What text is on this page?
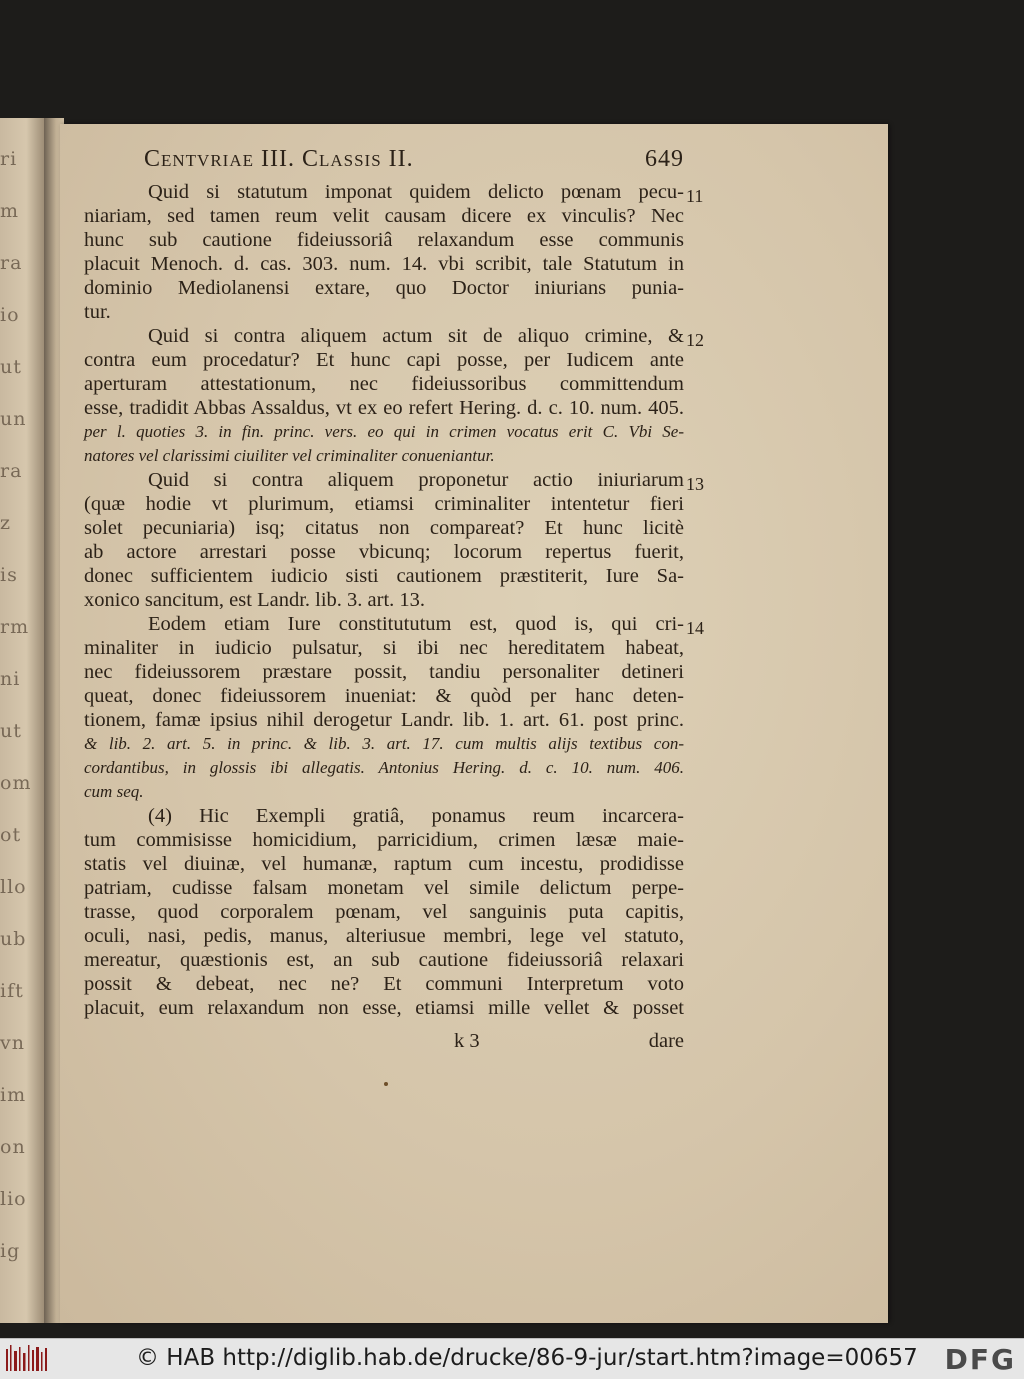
ri
m
ra
io
ut
un
ra
z
is
rm
ni
ut
om
ot
llo
ub
ift
vn
im
on
lio
ig
Centvriae III. Classis II.	649
Quid si statutum imponat quidem delicto pœnam pecu-
niariam, sed tamen reum velit causam dicere ex vinculis? Nec
hunc sub cautione fideiussoriâ relaxandum esse communis
placuit Menoch. d. cas. 303. num. 14. vbi scribit, tale Statutum in
dominio Mediolanensi extare, quo Doctor iniurians punia-
tur.
Quid si contra aliquem actum sit de aliquo crimine, &
contra eum procedatur? Et hunc capi posse, per Iudicem ante
aperturam attestationum, nec fideiussoribus committendum
esse, tradidit Abbas Assaldus, vt ex eo refert Hering. d. c. 10. num. 405.
per l. quoties 3. in fin. princ. vers. eo qui in crimen vocatus erit C. Vbi Se-
natores vel clarissimi ciuiliter vel criminaliter conueniantur.
Quid si contra aliquem proponetur actio iniuriarum
(quæ hodie vt plurimum, etiamsi criminaliter intentetur fieri
solet pecuniaria) isq; citatus non compareat? Et hunc licitè
ab actore arrestari posse vbicunq; locorum repertus fuerit,
donec sufficientem iudicio sisti cautionem præstiterit, Iure Sa-
xonico sancitum, est Landr. lib. 3. art. 13.
Eodem etiam Iure constitututum est, quod is, qui cri-
minaliter in iudicio pulsatur, si ibi nec hereditatem habeat,
nec fideiussorem præstare possit, tandiu personaliter detineri
queat, donec fideiussorem inueniat: & quòd per hanc deten-
tionem, famæ ipsius nihil derogetur Landr. lib. 1. art. 61. post princ.
& lib. 2. art. 5. in princ. & lib. 3. art. 17. cum multis alijs textibus con-
cordantibus, in glossis ibi allegatis. Antonius Hering. d. c. 10. num. 406.
cum seq.
(4) Hic Exempli gratiâ, ponamus reum incarcera-
tum commisisse homicidium, parricidium, crimen læsæ maie-
statis vel diuinæ, vel humanæ, raptum cum incestu, prodidisse
patriam, cudisse falsam monetam vel simile delictum perpe-
trasse, quod corporalem pœnam, vel sanguinis puta capitis,
oculi, nasi, pedis, manus, alteriusue membri, lege vel statuto,
mereatur, quæstionis est, an sub cautione fideiussoriâ relaxari
possit & debeat, nec ne? Et communi Interpretum voto
placuit, eum relaxandum non esse, etiamsi mille vellet & posset
11
12
13
14
k 3	dare
© HAB http://diglib.hab.de/drucke/86-9-jur/start.htm?image=00657 DFG
